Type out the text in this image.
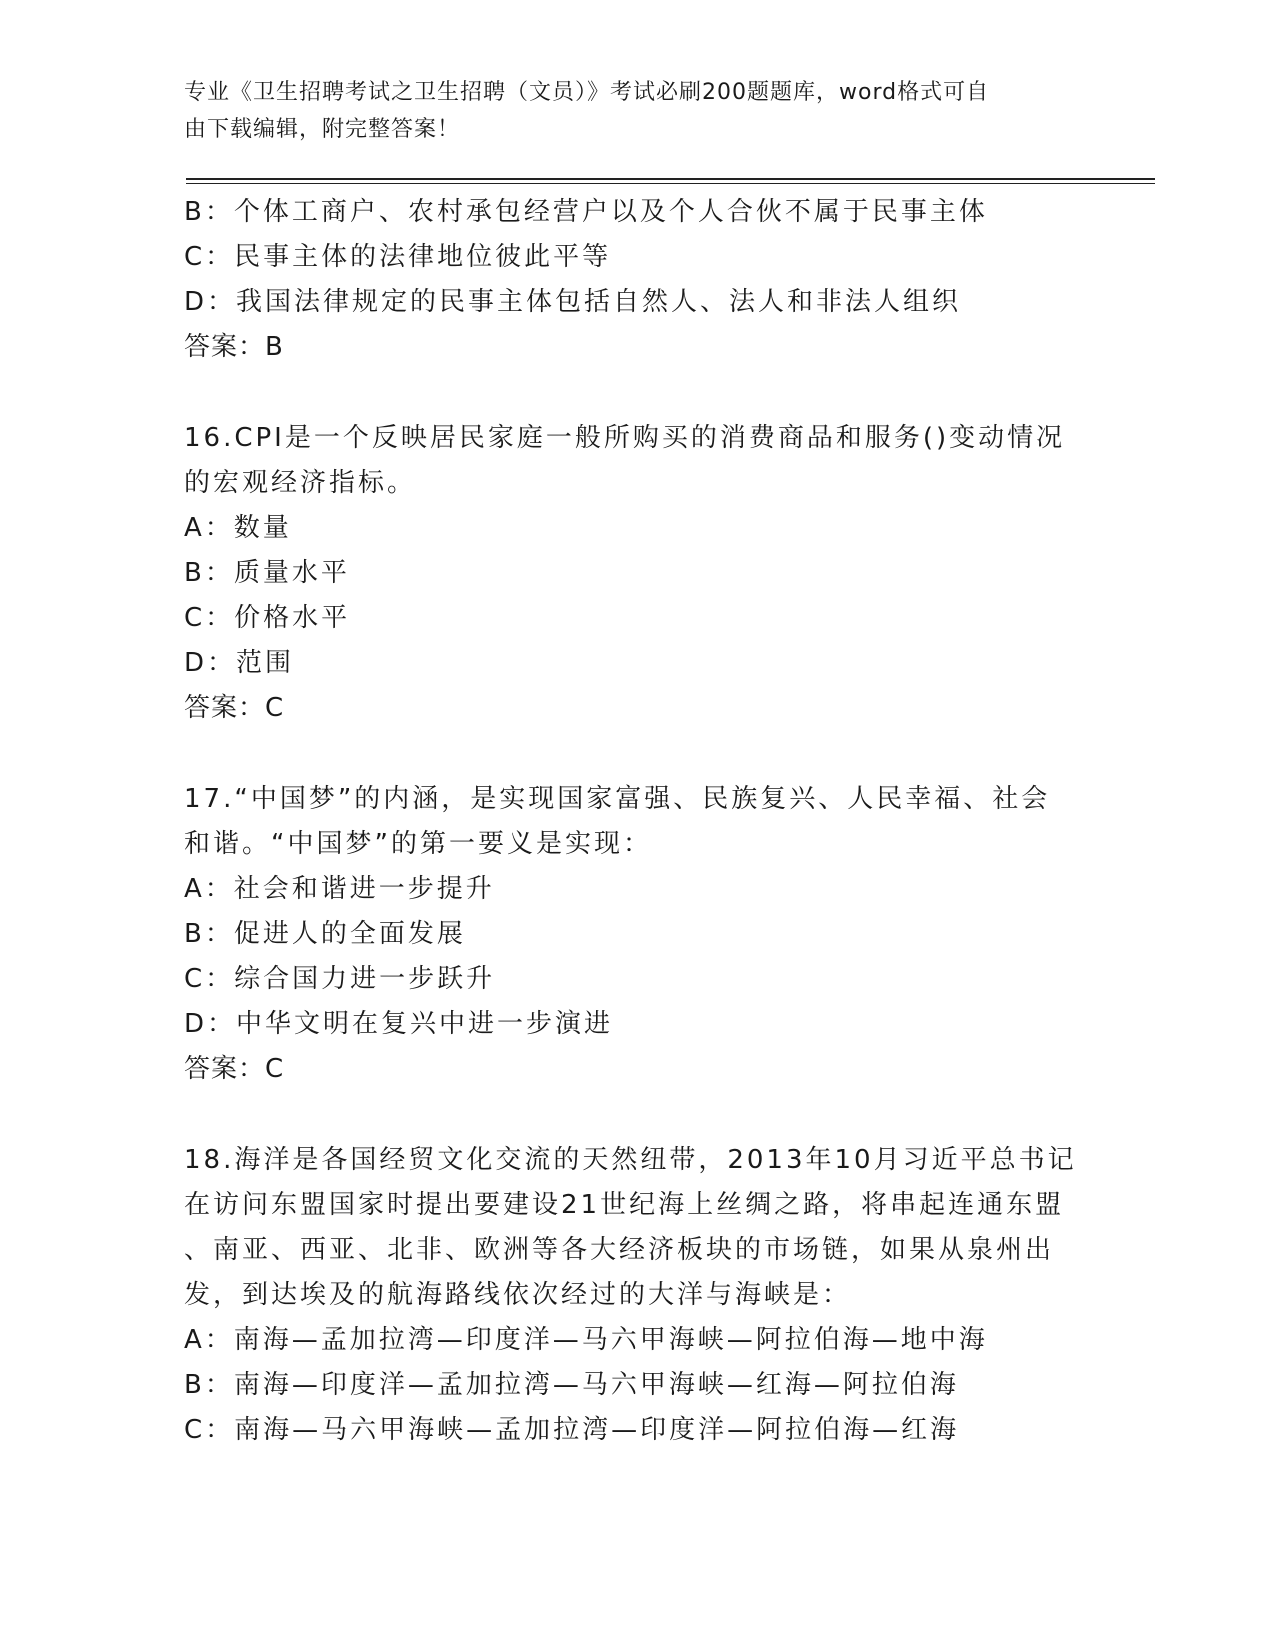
专业《卫生招聘考试之卫生招聘（文员）》考试必刷200题题库，word格式可自
由下载编辑，附完整答案！
B：个体工商户、农村承包经营户以及个人合伙不属于民事主体
C：民事主体的法律地位彼此平等
D：我国法律规定的民事主体包括自然人、法人和非法人组织
答案：B
16.CPI是一个反映居民家庭一般所购买的消费商品和服务()变动情况
的宏观经济指标。
A：数量
B：质量水平
C：价格水平
D：范围
答案：C
17.“中国梦”的内涵，是实现国家富强、民族复兴、人民幸福、社会
和谐。“中国梦”的第一要义是实现：
A：社会和谐进一步提升
B：促进人的全面发展
C：综合国力进一步跃升
D：中华文明在复兴中进一步演进
答案：C
18.海洋是各国经贸文化交流的天然纽带，2013年10月习近平总书记
在访问东盟国家时提出要建设21世纪海上丝绸之路，将串起连通东盟
、南亚、西亚、北非、欧洲等各大经济板块的市场链，如果从泉州出
发，到达埃及的航海路线依次经过的大洋与海峡是：
A：南海—孟加拉湾—印度洋—马六甲海峡—阿拉伯海—地中海
B：南海—印度洋—孟加拉湾—马六甲海峡—红海—阿拉伯海
C：南海—马六甲海峡—孟加拉湾—印度洋—阿拉伯海—红海
